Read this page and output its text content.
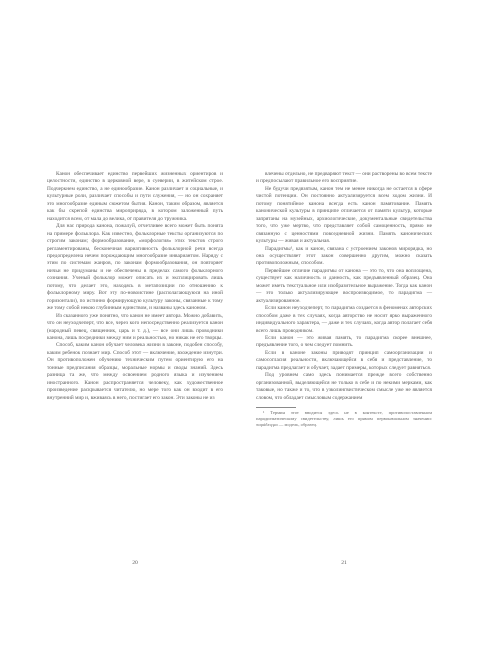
Канон обеспечивает единство первейших жизненных ориентиров и целостности, единство в церковной вере, в суеверии, в житейском строе. Подчеркнем единство, а не единообразие. Канон различает и социальные, и культурные роли, различает способы и пути служения, — но он сохраняет это многообразие единым сюжетом бытия. Канон, таким образом, является как бы скрепой единства мироприряда, в котором заложенный путь находится всем, от мала до велика, от правителя до тружника.

Для нас природа канона, пожалуй, отчетливее всего может быть понята на примере фольклора. Как известно, фольклорные тексты организуются по строгим законам; формообразование, «морфология» этих текстов строго регламентированы, бесконечная вариативность фольклорной речи всегда предопределена нечем порождающим многообразие инвариантом. Наряду с этим по системам жанров, по законам формообразования, он повторяет ничьи не придуманы и не обеспечены в пределах самого фольклорного сознания. Ученый фольклор может описать их и эксплицировать лишь потому, что делает это, находясь в метапозиции по отношению к фольклорному миру. Вот эту по-новоистине (располагающуюся на иной горизонтали), по истинно формирующую культуру законы, связанные к тому же тому собой некою глубинным единством, и названы здесь каноном.

Из сказанного уже понятно, что канон не имеет автора. Можно добавить, что он неуходчеперт, что все, через кого непосредственно реализуется канон (народный певец, священник, царь и т. д.), — все они лишь проводники канона, лишь посредники между ним и реальностью, но никак не его творцы.

Способ, каким канон обучает человека жизни в законе, подобен способу, каким ребенок познает мир. Способ этот — включение, вхождение изнутри. Он противоположен обучению техническим путем ориентирую его на тонные предписания образцы, моральные нормы и своды знаний. Здесь разница та же, что между освоением родного языка и изучением иностранного. Канон распространяется человеку, как художественное произведение раскрывается читателю, но мере того как он входит в его внутренний мир и, вживаясь в него, постигает его закон. Эти законы не из

20

влечены отдельно, не предваряют текст — они растворены во всем тексте и предпосылают правильное его восприятие.

Не будучи предвзятым, канон тем не менее никогда не остается в сфере чистой потенции. Он постоянно актуализируется всем ходом жизни. И потому понятийное канона всегда есть канон памятование. Память канонической культуры в принципе отличается от памяти культур, которые запрятаны на музейных, архиологические, документальные свидетельства того, что уже мертво, что представляет собой самоценность, прямо не связанную с ценностями повседневной жизни. Память канонических культуры — живая и актуальная.

Парадигмы¹, как и канон, связана с устроением законов мирорядка, но она осуществляет этот закон совершенно другим, можно сказать противоположным, способом.

Первейшее отличие парадигмы от канона — это то, что она воплощена, существует как наличность и данность, как предъявленный образец. Она может иметь текстуальное или изобразительное выражение. Тогда как канон — это только актуализирующее воспроизводимое, то парадигма — актуализированное.

Если канон неуходчеперт, то парадигма создается в феноменах авторских способом даже в тех случаях, когда авторство не носит ярко выраженного индивидуального характера, — даже и тех случаях, когда автор полагает себя всего лишь проводником.

Если канон — это живая память, то парадигма скорее внешнее, предъявление того, о чем следует помнить.

Если в канонe законы приводят принцип самоорганизации и самосогласия реальности, включающейся в себя и представление, то парадигма предлагает и обучает, задает примеры, которых следует равняться.

Под уровнем само здесь понимается прежде всего собственно организованной, выделяющейся не только в себе и по некими мерками, как таковые, но также и то, что в узколингвистическом смысле уже не является словом, что обладает смысловым содержанием

¹ Термин этот вводится здесь не в контексте, противопоставленном парадигматическому свидетельству, лишь его прямом первоначальном значении: παράδειγμα — модель, образец.

21
